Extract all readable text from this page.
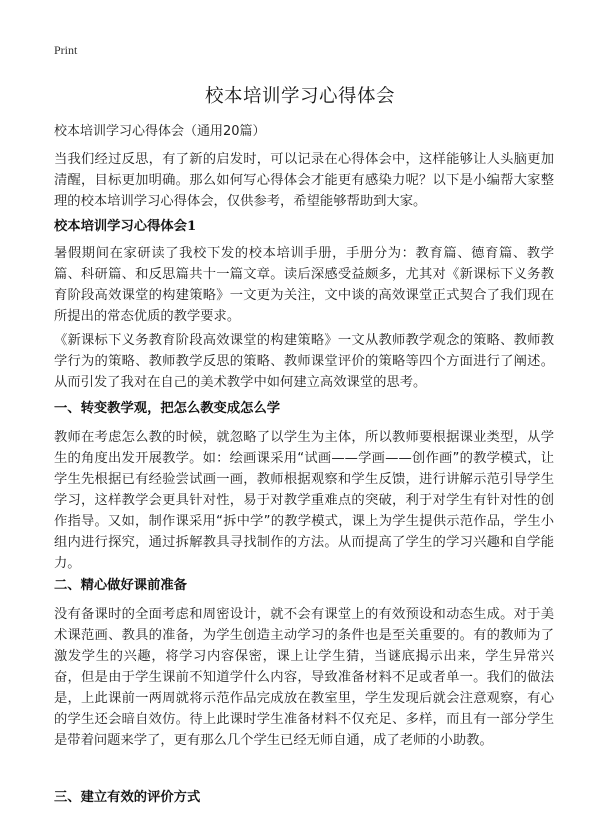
Print
校本培训学习心得体会
校本培训学习心得体会（通用20篇）

当我们经过反思，有了新的启发时，可以记录在心得体会中，这样能够让人头脑更加清醒，目标更加明确。那么如何写心得体会才能更有感染力呢？以下是小编帮大家整理的校本培训学习心得体会，仅供参考，希望能够帮助到大家。

校本培训学习心得体会1

暑假期间在家研读了我校下发的校本培训手册，手册分为：教育篇、德育篇、教学篇、科研篇、和反思篇共十一篇文章。读后深感受益颇多，尤其对《新课标下义务教育阶段高效课堂的构建策略》一文更为关注，文中谈的高效课堂正式契合了我们现在所提出的常态优质的教学要求。

《新课标下义务教育阶段高效课堂的构建策略》一文从教师教学观念的策略、教师教学行为的策略、教师教学反思的策略、教师课堂评价的策略等四个方面进行了阐述。从而引发了我对在自己的美术教学中如何建立高效课堂的思考。

一、转变教学观，把怎么教变成怎么学

教师在考虑怎么教的时候，就忽略了以学生为主体，所以教师要根据课业类型，从学生的角度出发开展教学。如：绘画课采用“试画——学画——创作画”的教学模式，让学生先根据已有经验尝试画一画，教师根据观察和学生反馈，进行讲解示范引导学生学习，这样教学会更具针对性，易于对教学重难点的突破，利于对学生有针对性的创作指导。又如，制作课采用“拆中学”的教学模式，课上为学生提供示范作品，学生小组内进行探究，通过拆解教具寻找制作的方法。从而提高了学生的学习兴趣和自学能力。

二、精心做好课前准备

没有备课时的全面考虑和周密设计，就不会有课堂上的有效预设和动态生成。对于美术课范画、教具的准备，为学生创造主动学习的条件也是至关重要的。有的教师为了激发学生的兴趣，将学习内容保密，课上让学生猜，当谜底揭示出来，学生异常兴奋，但是由于学生课前不知道学什么内容，导致准备材料不足或者单一。我们的做法是，上此课前一两周就将示范作品完成放在教室里，学生发现后就会注意观察，有心的学生还会暗自效仿。待上此课时学生准备材料不仅充足、多样，而且有一部分学生是带着问题来学了，更有那么几个学生已经无师自通，成了老师的小助教。

三、建立有效的评价方式
